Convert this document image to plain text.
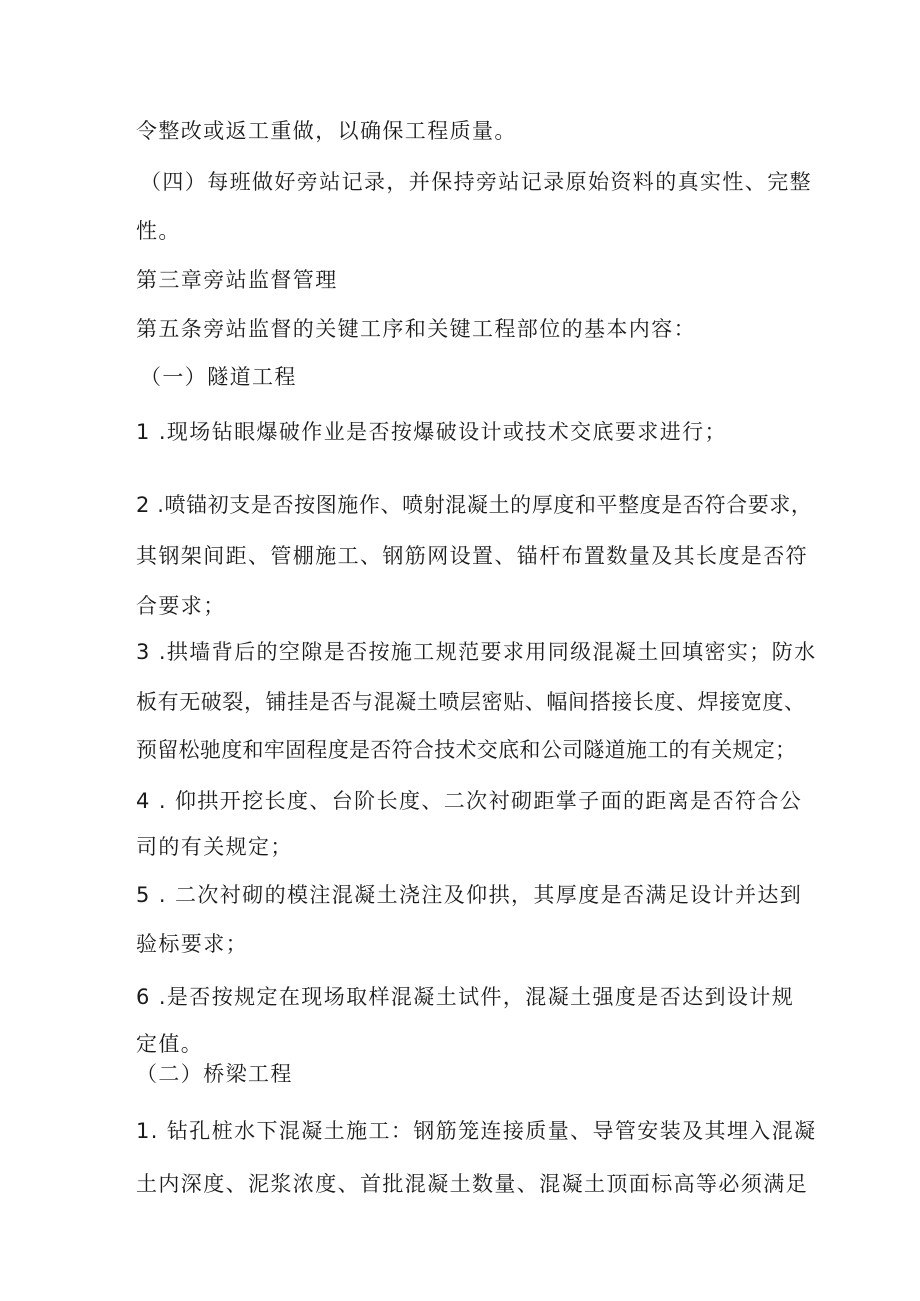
令整改或返工重做，以确保工程质量。
（四）每班做好旁站记录，并保持旁站记录原始资料的真实性、完整
性。
第三章旁站监督管理
第五条旁站监督的关键工序和关键工程部位的基本内容：
（一）隧道工程
1 .现场钻眼爆破作业是否按爆破设计或技术交底要求进行；
2 .喷锚初支是否按图施作、喷射混凝土的厚度和平整度是否符合要求，
其钢架间距、管棚施工、钢筋网设置、锚杆布置数量及其长度是否符
合要求；
3 .拱墙背后的空隙是否按施工规范要求用同级混凝土回填密实；防水
板有无破裂，铺挂是否与混凝土喷层密贴、幅间搭接长度、焊接宽度、
预留松驰度和牢固程度是否符合技术交底和公司隧道施工的有关规定；
4 . 仰拱开挖长度、台阶长度、二次衬砌距掌子面的距离是否符合公
司的有关规定；
5 . 二次衬砌的模注混凝土浇注及仰拱，其厚度是否满足设计并达到
验标要求；
6 .是否按规定在现场取样混凝土试件，混凝土强度是否达到设计规
定值。
（二）桥梁工程
1. 钻孔桩水下混凝土施工：钢筋笼连接质量、导管安装及其埋入混凝
土内深度、泥浆浓度、首批混凝土数量、混凝土顶面标高等必须满足
